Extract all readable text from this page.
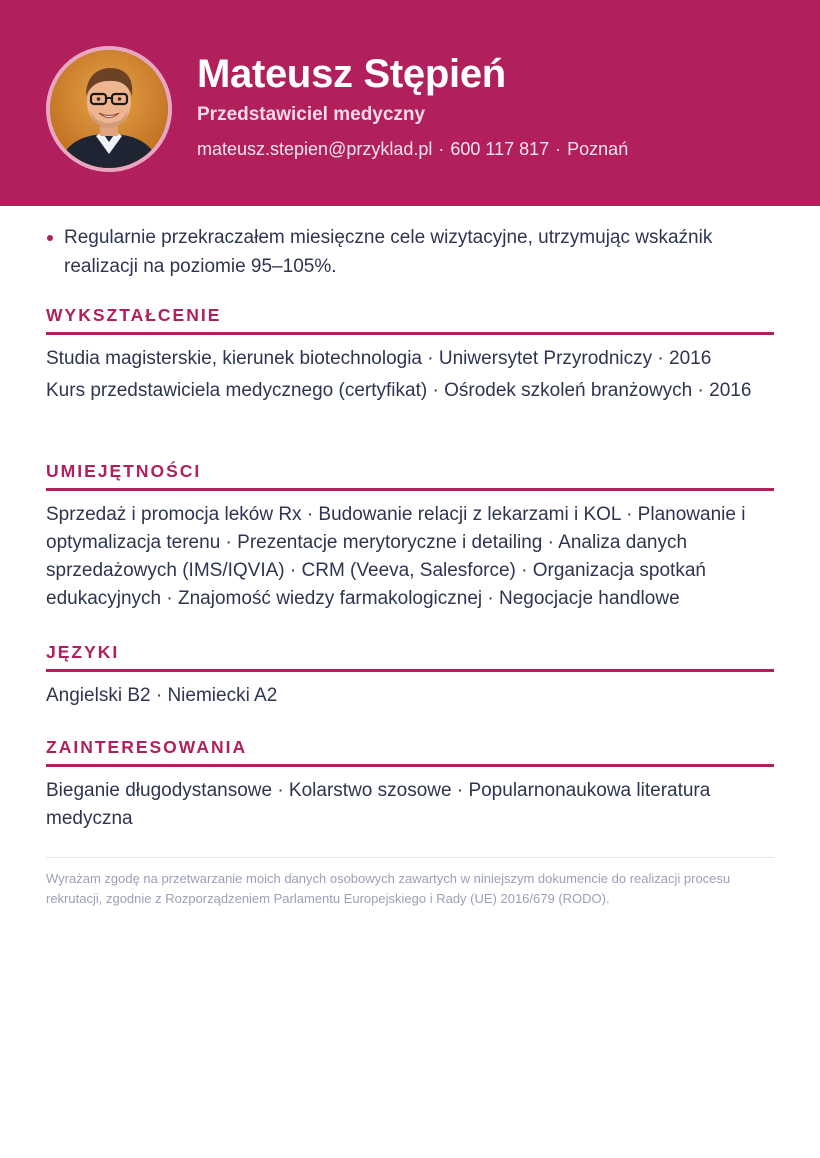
Mateusz Stępień
Przedstawiciel medyczny
mateusz.stepien@przyklad.pl · 600 117 817 · Poznań
Regularnie przekraczałem miesięczne cele wizytacyjne, utrzymując wskaźnik realizacji na poziomie 95–105%.
WYKSZTAŁCENIE
Studia magisterskie, kierunek biotechnologia · Uniwersytet Przyrodniczy · 2016
Kurs przedstawiciela medycznego (certyfikat) · Ośrodek szkoleń branżowych · 2016
UMIEJĘTNOŚCI
Sprzedaż i promocja leków Rx · Budowanie relacji z lekarzami i KOL · Planowanie i optymalizacja terenu · Prezentacje merytoryczne i detailing · Analiza danych sprzedażowych (IMS/IQVIA) · CRM (Veeva, Salesforce) · Organizacja spotkań edukacyjnych · Znajomość wiedzy farmakologicznej · Negocjacje handlowe
JĘZYKI
Angielski B2 · Niemiecki A2
ZAINTERESOWANIA
Bieganie długodystansowe · Kolarstwo szosowe · Popularnonaukowa literatura medyczna
Wyrażam zgodę na przetwarzanie moich danych osobowych zawartych w niniejszym dokumencie do realizacji procesu rekrutacji, zgodnie z Rozporządzeniem Parlamentu Europejskiego i Rady (UE) 2016/679 (RODO).
